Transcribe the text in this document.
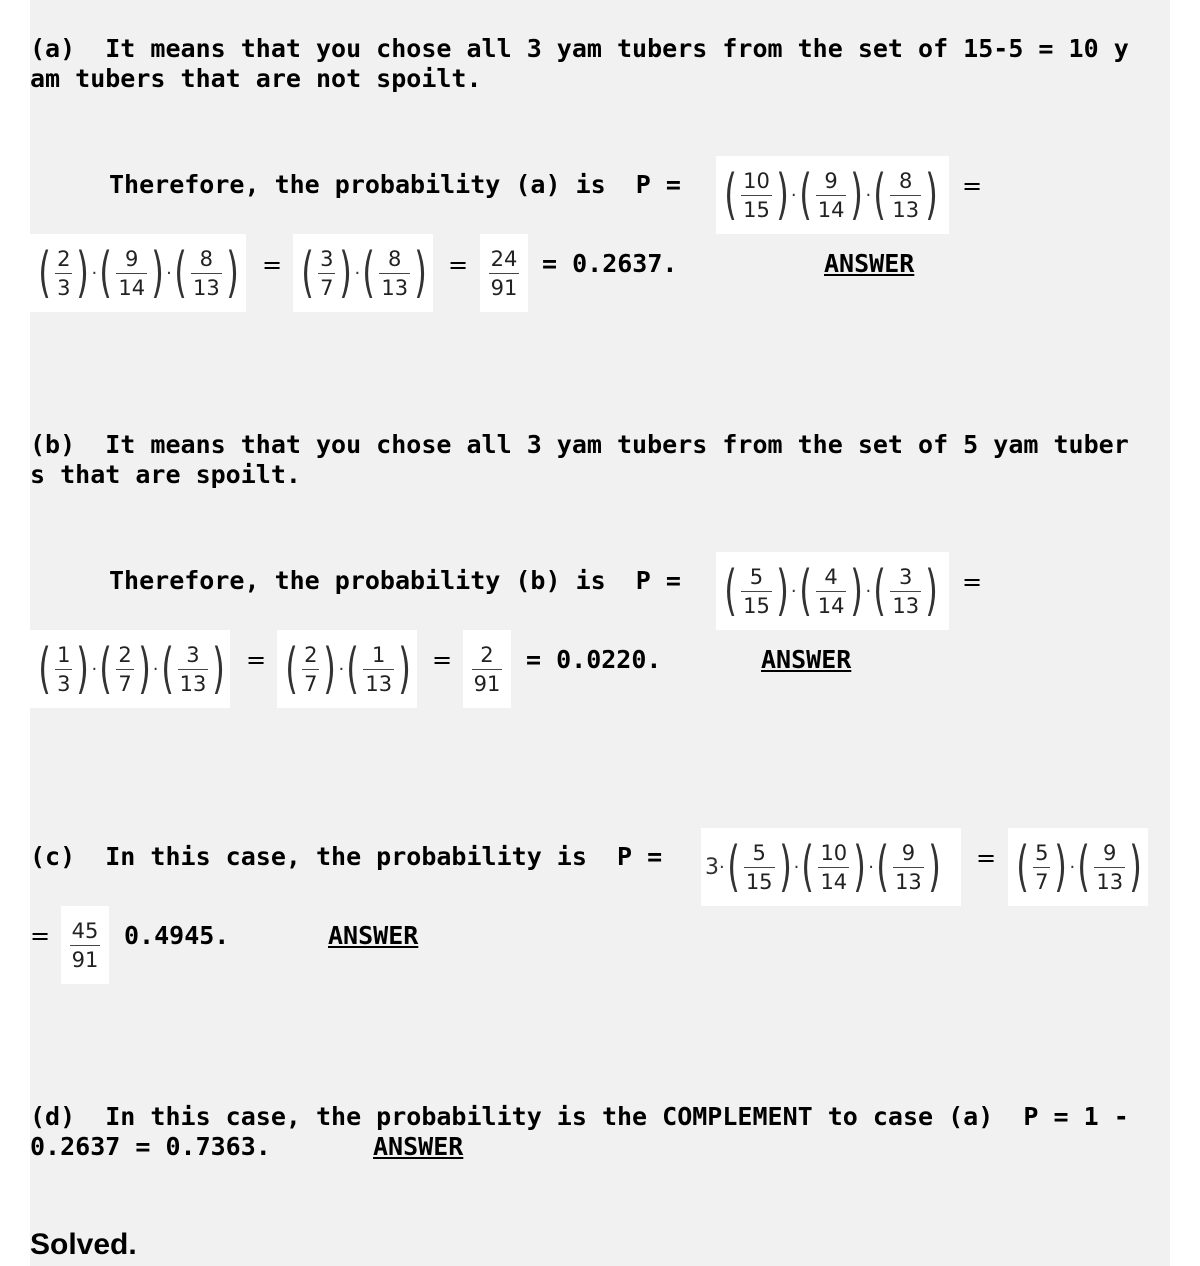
(a)  It means that you chose all 3 yam tubers from the set of 15-5 = 10 y
am tubers that are not spoilt.
Therefore, the probability (a) is  P = ( $\frac{10}{15}$ ) · ( $\frac{9}{14}$ ) · ( $\frac{8}{13}$ ) =
( $\frac{2}{3}$ ) · ( $\frac{9}{14}$ ) · ( $\frac{8}{13}$ ) = ( $\frac{3}{7}$ ) · ( $\frac{8}{13}$ ) = $\frac{24}{91} = 0.2637$.	ANSWER
(b)  It means that you chose all 3 yam tubers from the set of 5 yam tuber
s that are spoilt.
Therefore, the probability (b) is  P = ( $\frac{5}{15}$ ) · ( $\frac{4}{14}$ ) · ( $\frac{3}{13}$ ) =
( $\frac{1}{3}$ ) · ( $\frac{2}{7}$ ) · ( $\frac{3}{13}$ ) = ( $\frac{2}{7}$ ) · ( $\frac{1}{13}$ ) = $\frac{2}{91} = 0.0220$.	ANSWER
(c)  In this case, the probability is  P = 3 · ( $\frac{5}{15}$ ) · ( $\frac{10}{14}$ ) · ( $\frac{9}{13}$ ) = ( $\frac{5}{7}$ ) · ( $\frac{9}{13}$ )
= $\frac{45}{91} 0.4945$.	ANSWER
(d)  In this case, the probability is the COMPLEMENT to case (a)  P = 1 -
0.2637 = 0.7363.	ANSWER
Solved.
